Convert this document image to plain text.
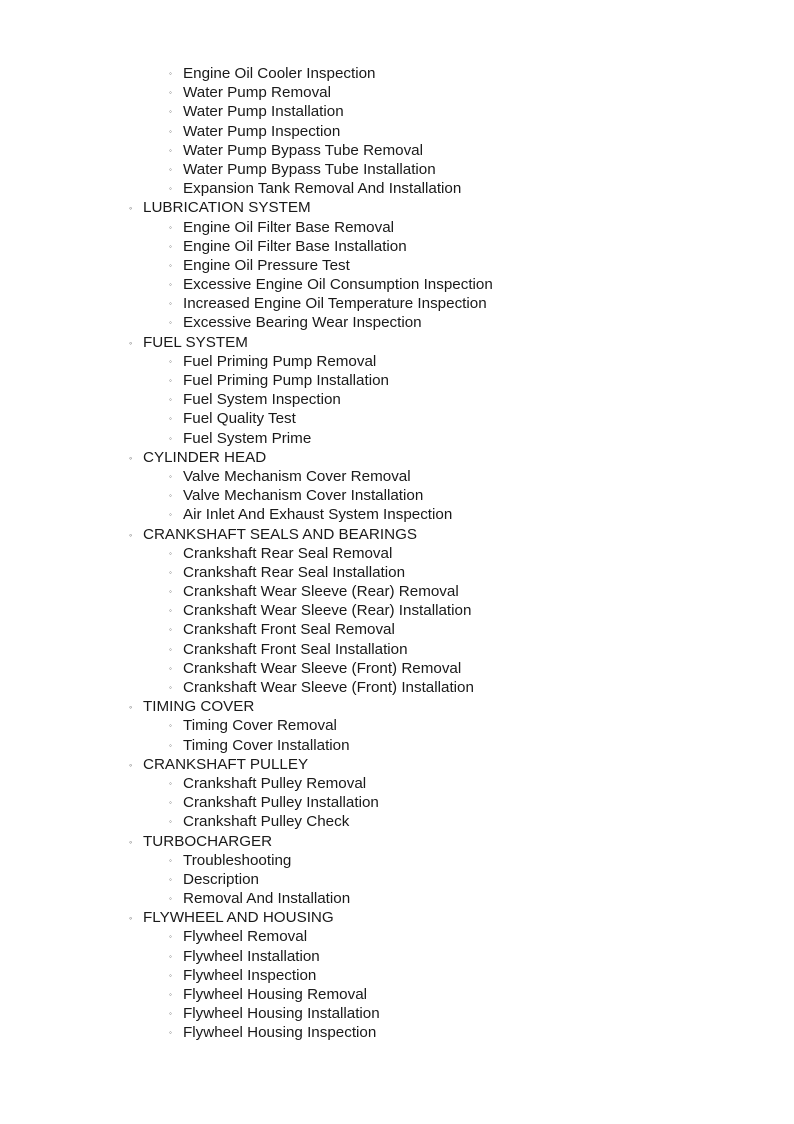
◦ Engine Oil Cooler Inspection
◦ Water Pump Removal
◦ Water Pump Installation
◦ Water Pump Inspection
◦ Water Pump Bypass Tube Removal
◦ Water Pump Bypass Tube Installation
◦ Expansion Tank Removal And Installation
◦ LUBRICATION SYSTEM
◦ Engine Oil Filter Base Removal
◦ Engine Oil Filter Base Installation
◦ Engine Oil Pressure Test
◦ Excessive Engine Oil Consumption Inspection
◦ Increased Engine Oil Temperature Inspection
◦ Excessive Bearing Wear Inspection
◦ FUEL SYSTEM
◦ Fuel Priming Pump Removal
◦ Fuel Priming Pump Installation
◦ Fuel System Inspection
◦ Fuel Quality Test
◦ Fuel System Prime
◦ CYLINDER HEAD
◦ Valve Mechanism Cover Removal
◦ Valve Mechanism Cover Installation
◦ Air Inlet And Exhaust System Inspection
◦ CRANKSHAFT SEALS AND BEARINGS
◦ Crankshaft Rear Seal Removal
◦ Crankshaft Rear Seal Installation
◦ Crankshaft Wear Sleeve (Rear) Removal
◦ Crankshaft Wear Sleeve (Rear) Installation
◦ Crankshaft Front Seal Removal
◦ Crankshaft Front Seal Installation
◦ Crankshaft Wear Sleeve (Front) Removal
◦ Crankshaft Wear Sleeve (Front) Installation
◦ TIMING COVER
◦ Timing Cover Removal
◦ Timing Cover Installation
◦ CRANKSHAFT PULLEY
◦ Crankshaft Pulley Removal
◦ Crankshaft Pulley Installation
◦ Crankshaft Pulley Check
◦ TURBOCHARGER
◦ Troubleshooting
◦ Description
◦ Removal And Installation
◦ FLYWHEEL AND HOUSING
◦ Flywheel Removal
◦ Flywheel Installation
◦ Flywheel Inspection
◦ Flywheel Housing Removal
◦ Flywheel Housing Installation
◦ Flywheel Housing Inspection
